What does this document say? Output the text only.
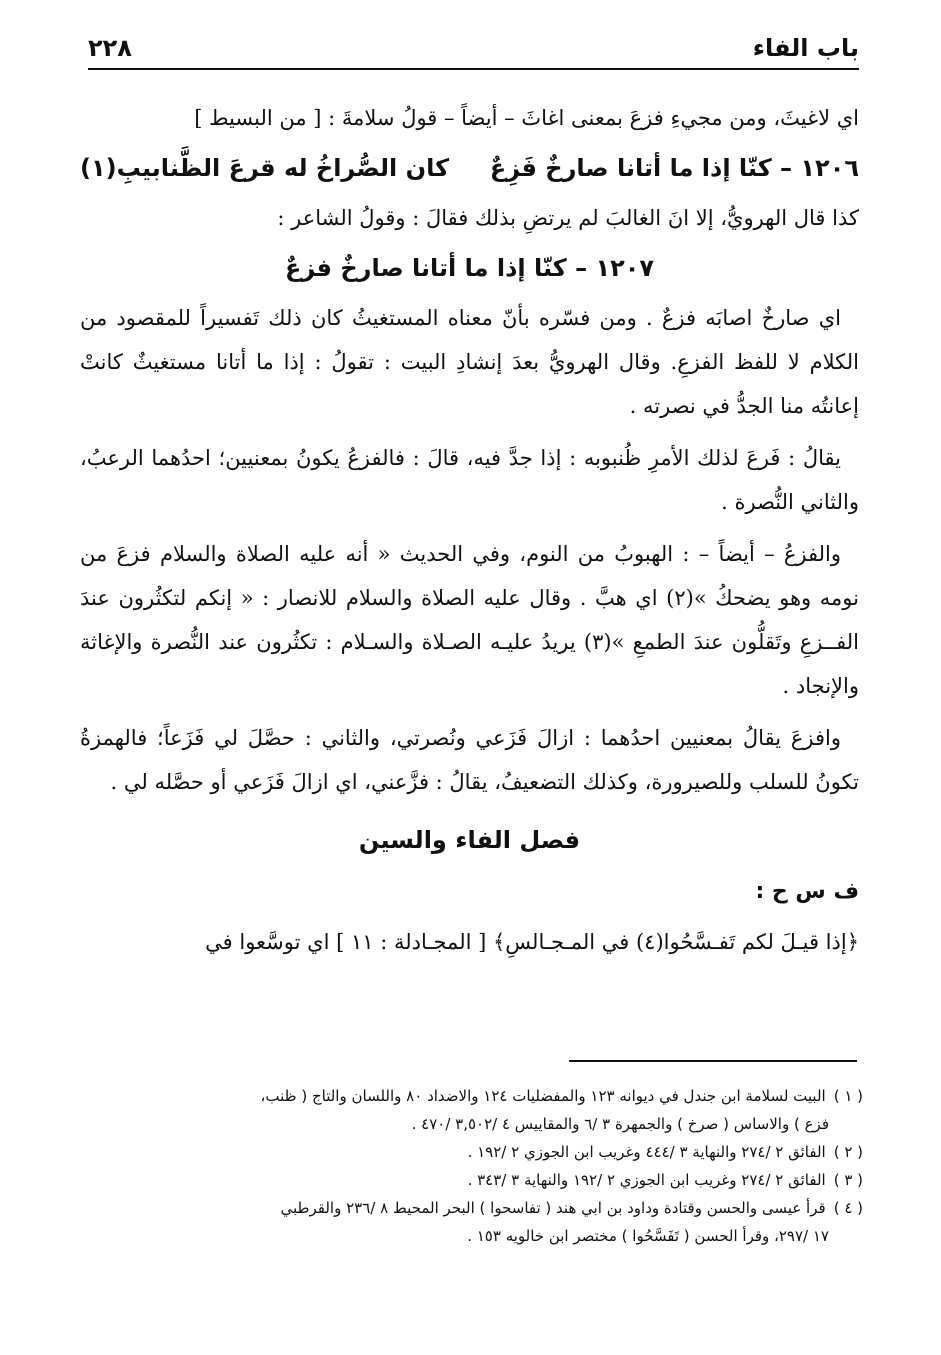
باب الفاء
٢٢٨

اي لاغيثَ، ومن مجيءِ فزعَ بمعنى اغاثَ – أيضاً – قولُ سلامةَ : [ من البسيط ]

١٢٠٦ – كنّا إذا ما أتانا صارخٌ فَزِعٌ
كان الصُّراخُ له قرعَ الظَّنابيبِ(١)

كذا قال الهرويُّ، إلا انَ الغالبَ لم يرتضِ بذلك فقالَ : وقولُ الشاعر :

١٢٠٧ – كنّا إذا ما أتانا صارخٌ فزعٌ

اي صارخٌ اصابَه فزعٌ . ومن فسّره بأنّ معناه المستغيثُ كان ذلك تَفسيراً للمقصود من الكلام لا للفظ الفزعِ. وقال الهرويُّ بعدَ إنشادِ البيت : تقولُ : إذا ما أتانا مستغيثٌ كانتْ إعانتُه منا الجدُّ في نصرته .

يقالُ : فَرعَ لذلك الأمرِ ظُنبوبه : إذا جدَّ فيه، قالَ : فالفزعُ يكونُ بمعنيين؛ احدُهما الرعبُ، والثاني النُّصرة .

والفزعُ – أيضاً – : الهبوبُ من النوم، وفي الحديث « أنه عليه الصلاة والسلام فزعَ من نومه وهو يضحكُ »(٢) اي هبَّ . وقال عليه الصلاة والسلام للانصار : « إنكم لتكثُرون عندَ الفــزعِ وتَقلُّون عندَ الطمعِ »(٣) يريدُ عليـه الصـلاة والسـلام : تكثُرون عند النُّصرة والإغاثة والإنجاد .

وافزعَ يقالُ بمعنيين احدُهما : ازالَ فَزَعي ونُصرتي، والثاني : حصَّلَ لي فَزَعاً؛ فالهمزةُ تكونُ للسلب وللصيرورة، وكذلك التضعيفُ، يقالُ : فزَّعني، اي ازالَ فَزَعي أو حصَّله لي .

فصل الفاء والسين

ف س ح :

﴿إذا قيـلَ لكم تَفـسَّحُوا(٤) في المـجـالسِ﴾ [ المجـادلة : ١١ ] اي توسَّعوا في

( ١ )البيت لسلامة ابن جندل في ديوانه ١٢٣ والمفضليات ١٢٤ والاضداد ٨٠ واللسان والتاج ( ظنب،

فزع ) والاساس ( صرخ ) والجمهرة ٣ /٦ والمقاييس ٤ /٣,٥٠٢ /٤٧٠ .

( ٢ )الفائق ٢ /٢٧٤ والنهاية ٣ /٤٤٤ وغريب ابن الجوزي ٢ /١٩٢ .

( ٣ )الفائق ٢ /٢٧٤ وغريب ابن الجوزي ٢ /١٩٢ والنهاية ٣ /٣٤٣ .

( ٤ )قرأ عيسى والحسن وقتادة وداود بن ابي هند ( تفاسحوا ) البحر المحيط ٨ /٢٣٦ والقرطبي

١٧ /٢٩٧، وقرأ الحسن ( تَفَسَّحُوا ) مختصر ابن خالويه ١٥٣ .
